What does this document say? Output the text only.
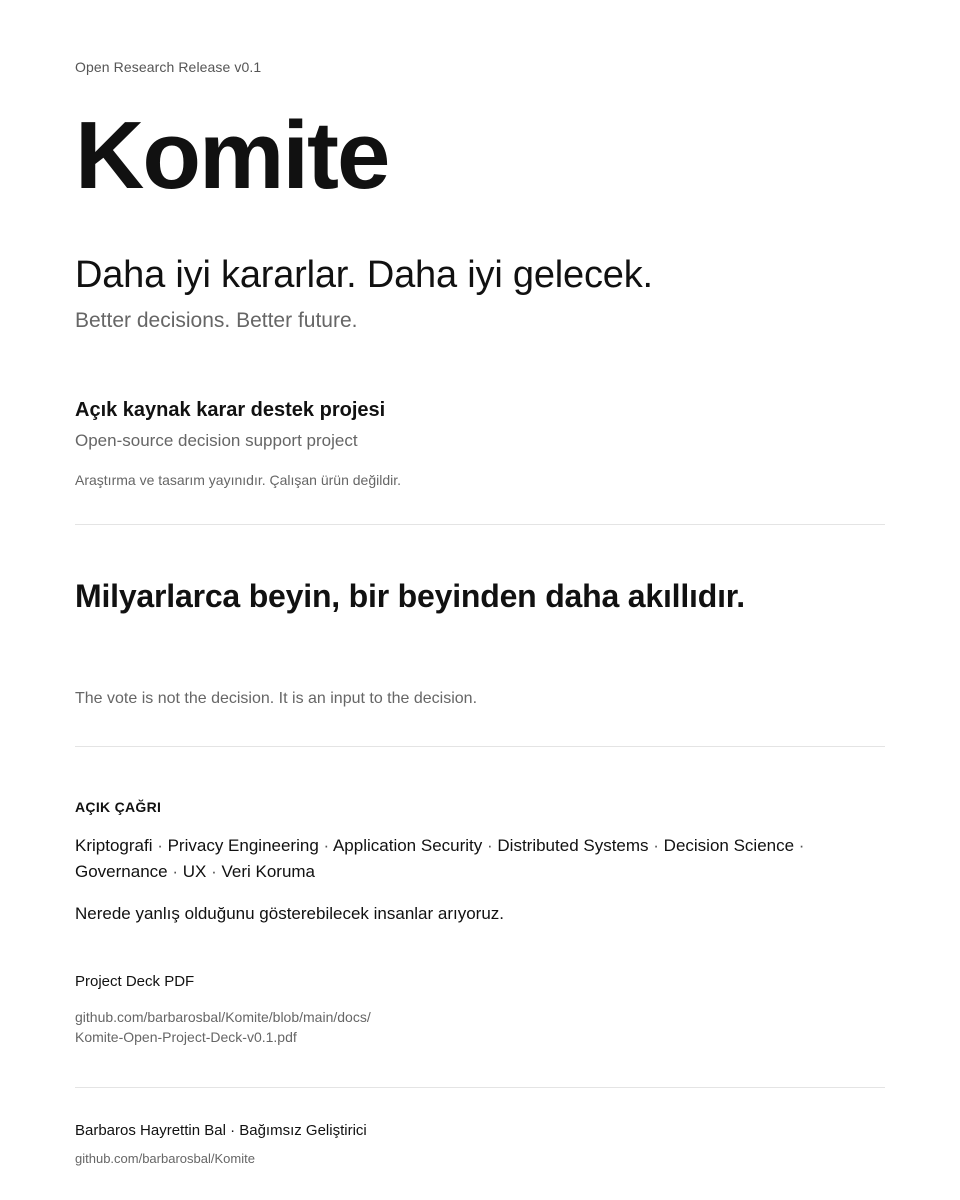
Open Research Release v0.1

Komite
Daha iyi kararlar. Daha iyi gelecek.

Better decisions. Better future.

Açık kaynak karar destek projesi

Open-source decision support project

Araştırma ve tasarım yayınıdır. Çalışan ürün değildir.

Milyarlarca beyin, bir beyinden daha akıllıdır.

The vote is not the decision. It is an input to the decision.

AÇIK ÇAĞRI

Kriptografi · Privacy Engineering · Application Security · Distributed Systems · Decision Science · Governance · UX · Veri Koruma

Nerede yanlış olduğunu gösterebilecek insanlar arıyoruz.

Project Deck PDF

github.com/barbarosbal/Komite/blob/main/docs/
Komite-Open-Project-Deck-v0.1.pdf

Barbaros Hayrettin Bal · Bağımsız Geliştirici

github.com/barbarosbal/Komite
